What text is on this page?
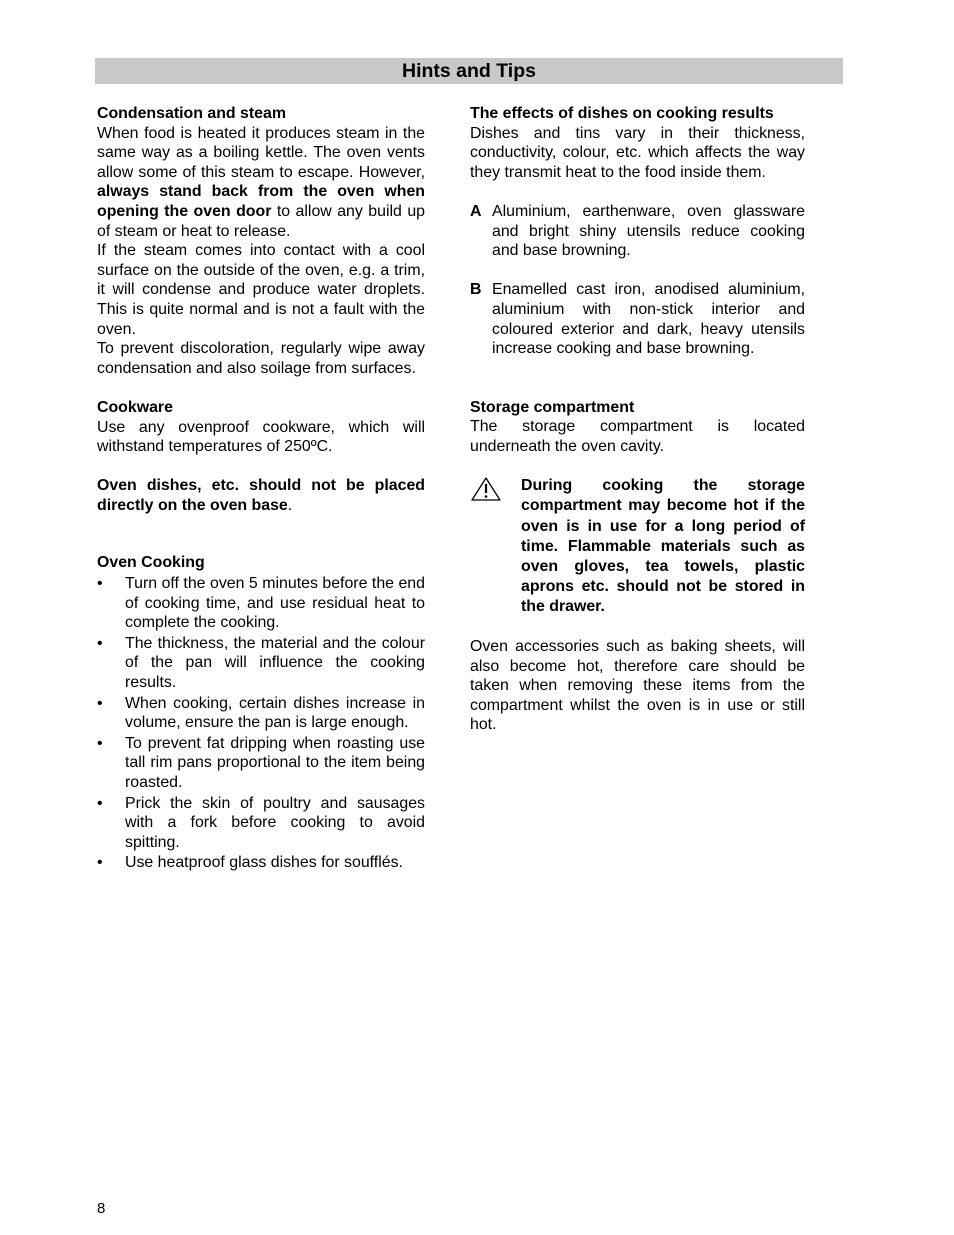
Hints and Tips

Condensation and steam

When food is heated it produces steam in the same way as a boiling kettle. The oven vents allow some of this steam to escape. However, always stand back from the oven when opening the oven door to allow any build up of steam or heat to release.

If the steam comes into contact with a cool surface on the outside of the oven, e.g. a trim, it will condense and produce water droplets. This is quite normal and is not a fault with the oven.

To prevent discoloration, regularly wipe away condensation and also soilage from surfaces.

Cookware

Use any ovenproof cookware, which will withstand temperatures of 250ºC.

Oven dishes, etc. should not be placed directly on the oven base.

Oven Cooking

•	Turn off the oven 5 minutes before the end of cooking time, and use residual heat to complete the cooking.
•	The thickness, the material and the colour of the pan will influence the cooking results.
•	When cooking, certain dishes increase in volume, ensure the pan is large enough.
•	To prevent fat dripping when roasting use tall rim pans proportional to the item being roasted.
•	Prick the skin of poultry and sausages with a fork before cooking to avoid spitting.
•	Use heatproof glass dishes for soufflés.

The effects of dishes on cooking results

Dishes and tins vary in their thickness, conductivity, colour, etc. which affects the way they transmit heat to the food inside them.

A Aluminium, earthenware, oven glassware and bright shiny utensils reduce cooking and base browning.
B Enamelled cast iron, anodised aluminium, aluminium with non-stick interior and coloured exterior and dark, heavy utensils increase cooking and base browning.

Storage compartment

The storage compartment is located underneath the oven cavity.

During cooking the storage compartment may become hot if the oven is in use for a long period of time. Flammable materials such as oven gloves, tea towels, plastic aprons etc. should not be stored in the drawer.

Oven accessories such as baking sheets, will also become hot, therefore care should be taken when removing these items from the compartment whilst the oven is in use or still hot.

8
